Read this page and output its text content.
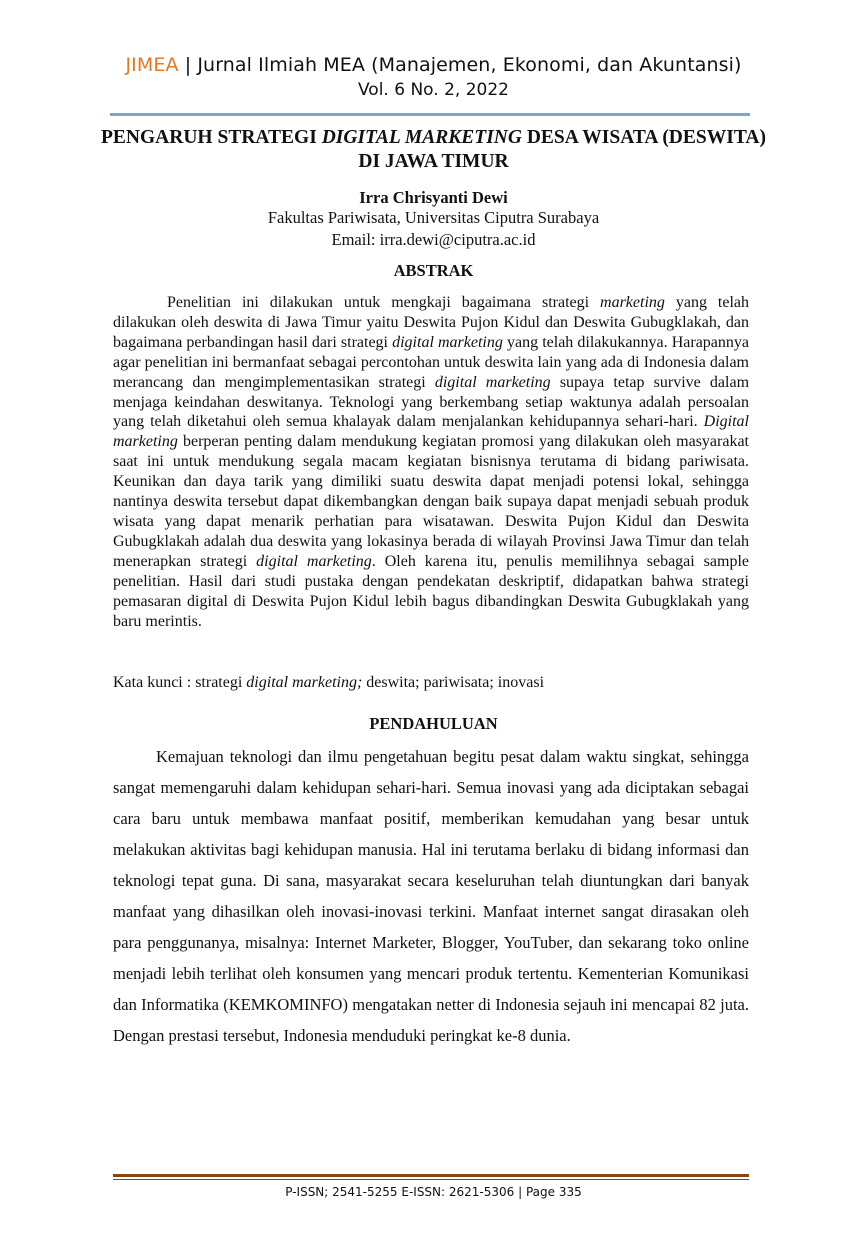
JIMEA | Jurnal Ilmiah MEA (Manajemen, Ekonomi, dan Akuntansi)
Vol. 6 No. 2, 2022
PENGARUH STRATEGI DIGITAL MARKETING DESA WISATA (DESWITA) DI JAWA TIMUR
Irra Chrisyanti Dewi
Fakultas Pariwisata, Universitas Ciputra Surabaya
Email: irra.dewi@ciputra.ac.id
ABSTRAK

Penelitian ini dilakukan untuk mengkaji bagaimana strategi marketing yang telah dilakukan oleh deswita di Jawa Timur yaitu Deswita Pujon Kidul dan Deswita Gubugklakah, dan bagaimana perbandingan hasil dari strategi digital marketing yang telah dilakukannya. Harapannya agar penelitian ini bermanfaat sebagai percontohan untuk deswita lain yang ada di Indonesia dalam merancang dan mengimplementasikan strategi digital marketing supaya tetap survive dalam menjaga keindahan deswitanya. Teknologi yang berkembang setiap waktunya adalah persoalan yang telah diketahui oleh semua khalayak dalam menjalankan kehidupannya sehari-hari. Digital marketing berperan penting dalam mendukung kegiatan promosi yang dilakukan oleh masyarakat saat ini untuk mendukung segala macam kegiatan bisnisnya terutama di bidang pariwisata. Keunikan dan daya tarik yang dimiliki suatu deswita dapat menjadi potensi lokal, sehingga nantinya deswita tersebut dapat dikembangkan dengan baik supaya dapat menjadi sebuah produk wisata yang dapat menarik perhatian para wisatawan. Deswita Pujon Kidul dan Deswita Gubugklakah adalah dua deswita yang lokasinya berada di wilayah Provinsi Jawa Timur dan telah menerapkan strategi digital marketing. Oleh karena itu, penulis memilihnya sebagai sample penelitian. Hasil dari studi pustaka dengan pendekatan deskriptif, didapatkan bahwa strategi pemasaran digital di Deswita Pujon Kidul lebih bagus dibandingkan Deswita Gubugklakah yang baru merintis.

Kata kunci : strategi digital marketing; deswita; pariwisata; inovasi

PENDAHULUAN

Kemajuan teknologi dan ilmu pengetahuan begitu pesat dalam waktu singkat, sehingga sangat memengaruhi dalam kehidupan sehari-hari. Semua inovasi yang ada diciptakan sebagai cara baru untuk membawa manfaat positif, memberikan kemudahan yang besar untuk melakukan aktivitas bagi kehidupan manusia. Hal ini terutama berlaku di bidang informasi dan teknologi tepat guna. Di sana, masyarakat secara keseluruhan telah diuntungkan dari banyak manfaat yang dihasilkan oleh inovasi-inovasi terkini. Manfaat internet sangat dirasakan oleh para penggunanya, misalnya: Internet Marketer, Blogger, YouTuber, dan sekarang toko online menjadi lebih terlihat oleh konsumen yang mencari produk tertentu. Kementerian Komunikasi dan Informatika (KEMKOMINFO) mengatakan netter di Indonesia sejauh ini mencapai 82 juta. Dengan prestasi tersebut, Indonesia menduduki peringkat ke-8 dunia.

P-ISSN; 2541-5255 E-ISSN: 2621-5306 | Page 335
